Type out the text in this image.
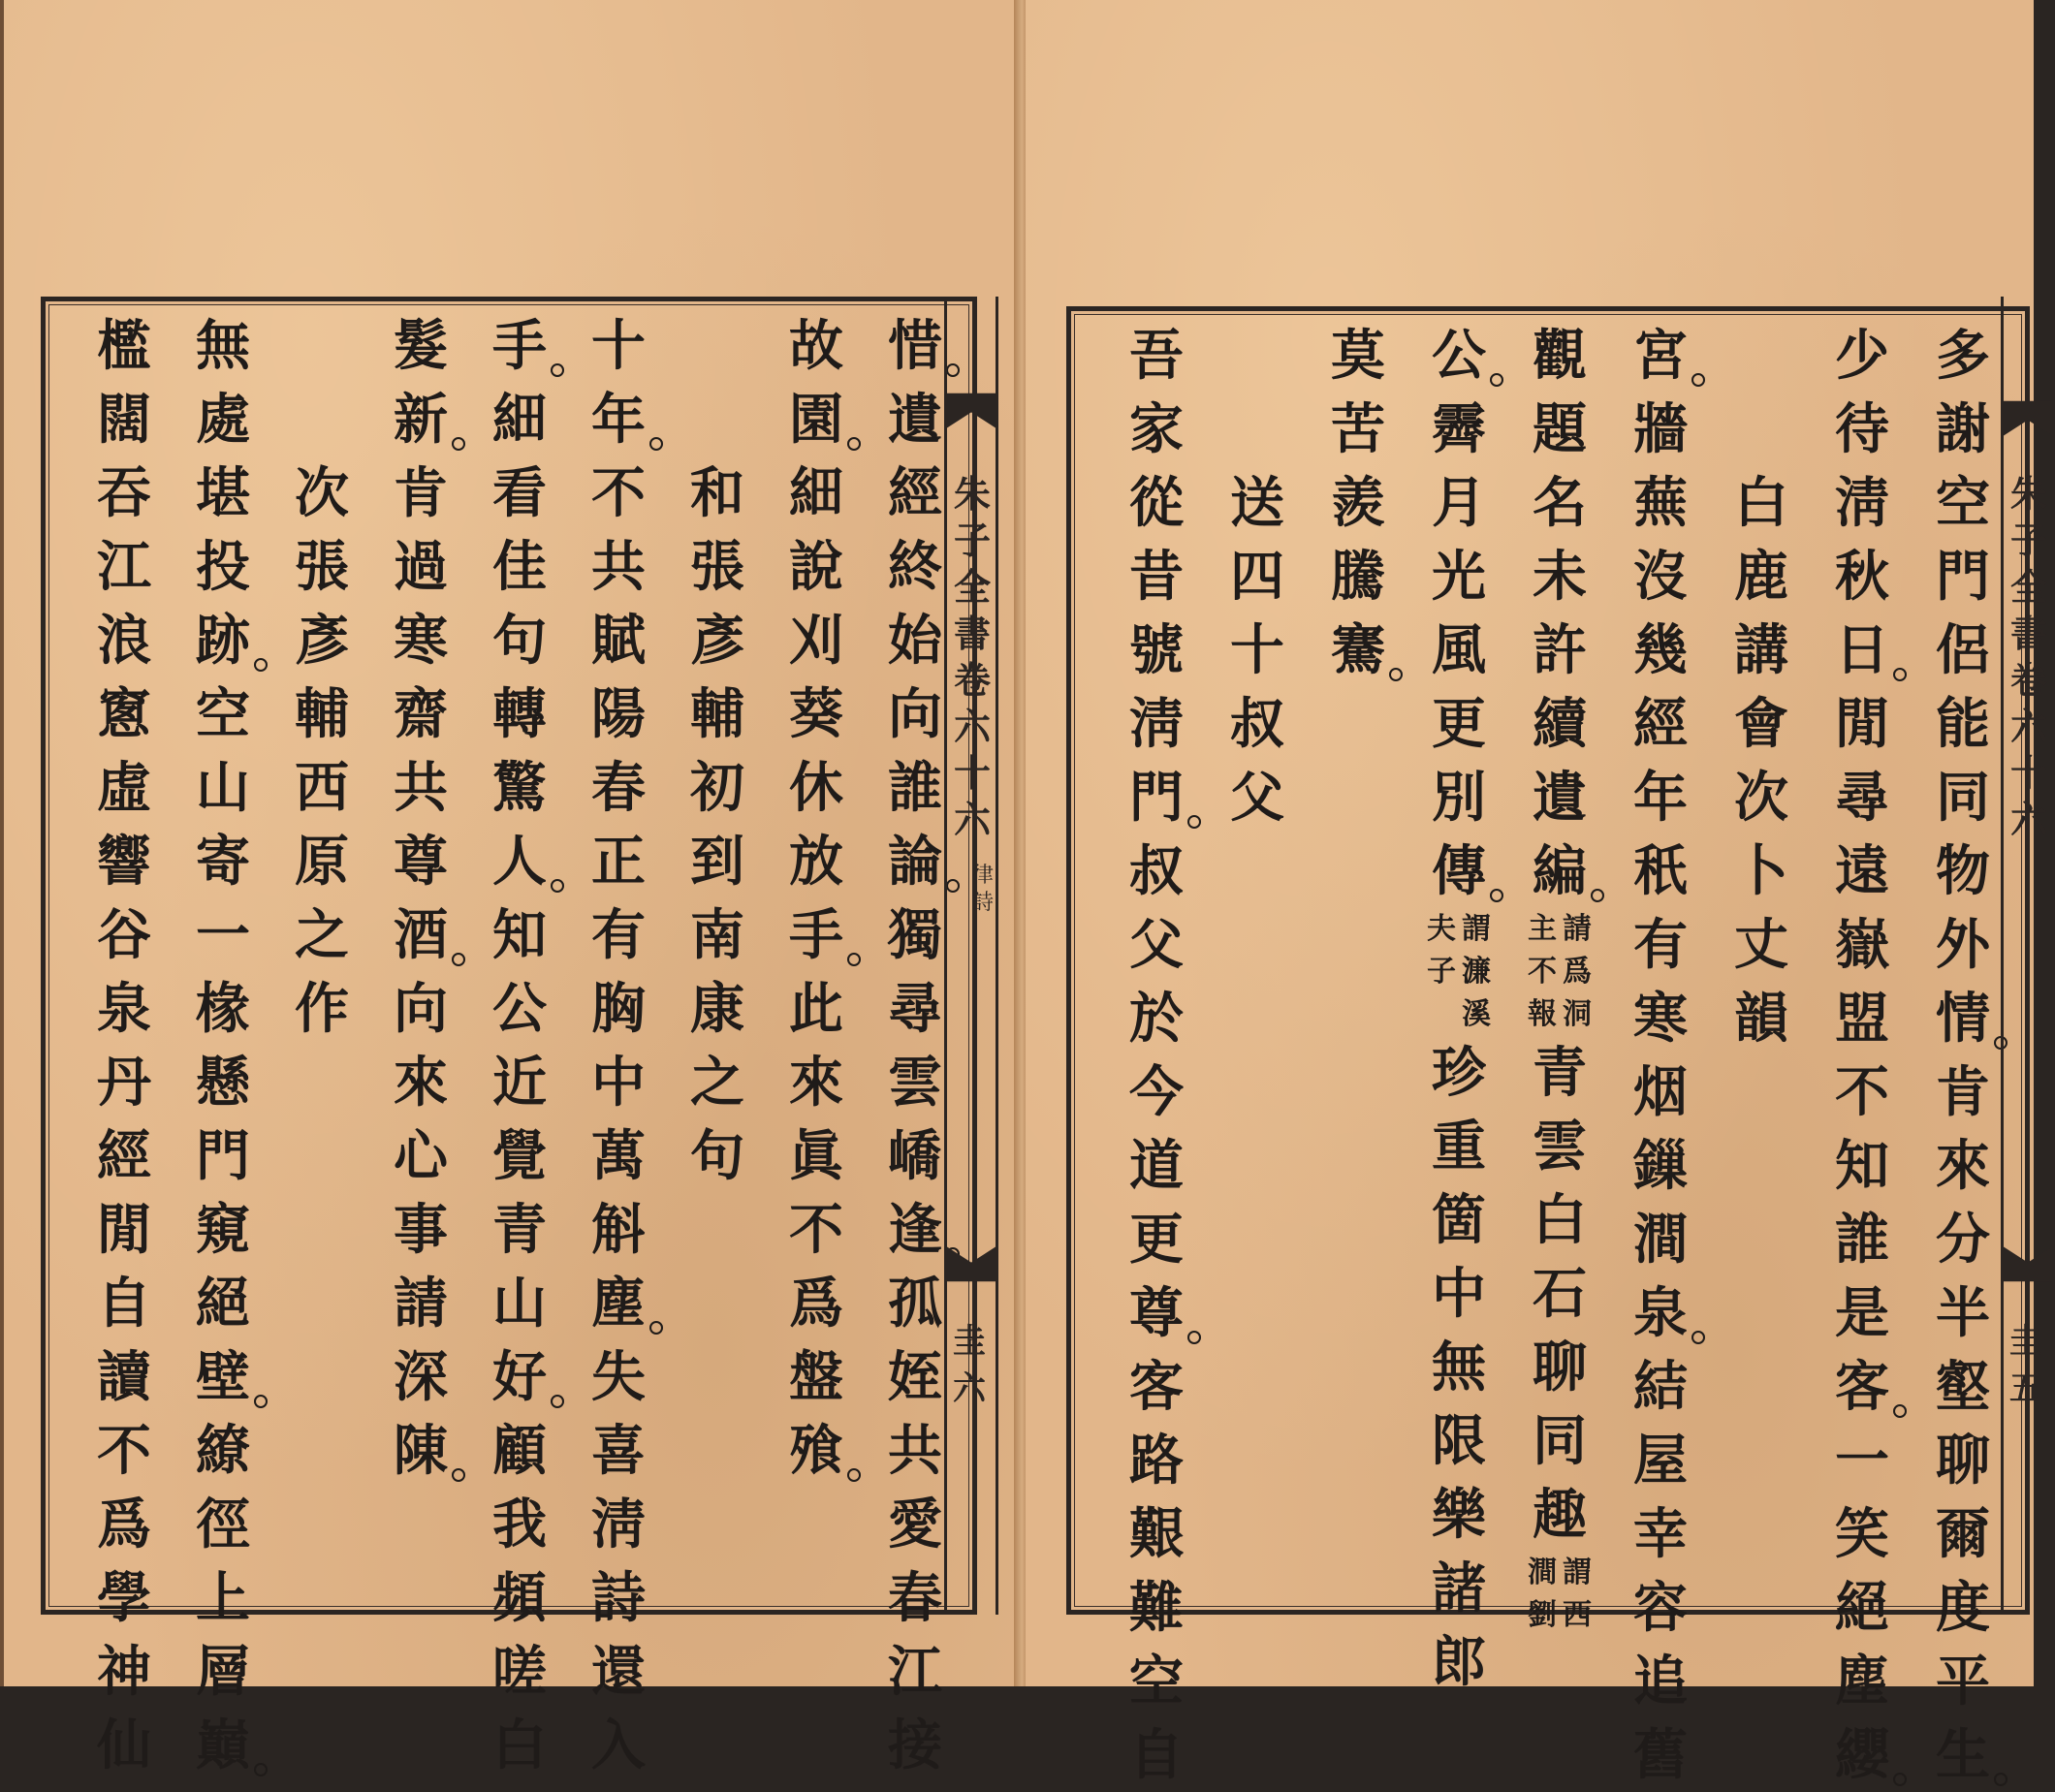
惜
遺
經
終
始
向
誰
論
獨
尋
雲
嶠
逢
孤
姪
共
愛
春
江
接
故
園
細
說
刈
葵
休
放
手
此
來
眞
不
爲
盤
飱
和
張
彥
輔
初
到
南
康
之
句
十
年
不
共
賦
陽
春
正
有
胸
中
萬
斛
塵
失
喜
淸
詩
還
入
手
細
看
佳
句
轉
驚
人
知
公
近
覺
青
山
好
顧
我
頻
嗟
白
髮
新
肯
過
寒
齋
共
尊
酒
向
來
心
事
請
深
陳
次
張
彥
輔
西
原
之
作
無
處
堪
投
跡
空
山
寄
一
椽
懸
門
窺
絕
壁
繚
徑
上
層
巔
檻
闊
吞
江
浪
窻
虛
響
谷
泉
丹
經
閒
自
讀
不
爲
學
神
仙
朱
子
全
書
卷
六
十
六
律
詩
圭六
多
謝
空
門
侶
能
同
物
外
情
肯
來
分
半
壑
聊
爾
度
平
生
少
待
淸
秋
日
閒
尋
遠
嶽
盟
不
知
誰
是
客
一
笑
絕
塵
纓
白
鹿
講
會
次
卜
丈
韻
宮
牆
蕪
沒
幾
經
年
秖
有
寒
烟
鏁
澗
泉
結
屋
幸
容
追
舊
觀
題
名
未
許
續
遺
編
請
爲
洞
主
不
報
青
雲
白
石
聊
同
趣
謂
西
澗
劉
公
霽
月
光
風
更
別
傳
謂
濂
溪
夫
子
珍
重
箇
中
無
限
樂
諸
郎
莫
苦
羨
騰
騫
送
四
十
叔
父
吾
家
從
昔
號
淸
門
叔
父
於
今
道
更
尊
客
路
艱
難
空
自
朱
子
全
書
卷
六
十
六
圭五
